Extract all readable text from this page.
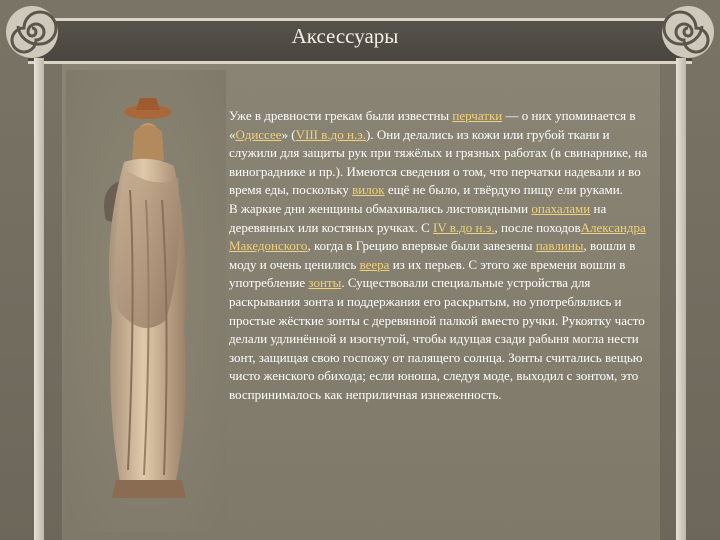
Аксессуары

Уже в древности грекам были известны перчатки — о них упоминается в «Одиссее» (VIII в.до н.э.). Они делались из кожи или грубой ткани и служили для защиты рук при тяжёлых и грязных работах (в свинарнике, на винограднике и пр.). Имеются сведения о том, что перчатки надевали и во время еды, поскольку вилок ещё не было, и твёрдую пищу ели руками.

В жаркие дни женщины обмахивались листовидными опахалами на деревянных или костяных ручках. С IV в.до н.э., после походовАлександра Македонского, когда в Грецию впервые были завезены павлины, вошли в моду и очень ценились веера из их перьев. С этого же времени вошли в употребление зонты. Существовали специальные устройства для раскрывания зонта и поддержания его раскрытым, но употреблялись и простые жёсткие зонты с деревянной палкой вместо ручки. Рукоятку часто делали удлинённой и изогнутой, чтобы идущая сзади рабыня могла нести зонт, защищая свою госпожу от палящего солнца. Зонты считались вещью чисто женского обихода; если юноша, следуя моде, выходил с зонтом, это воспринималось как неприличная изнеженность.
